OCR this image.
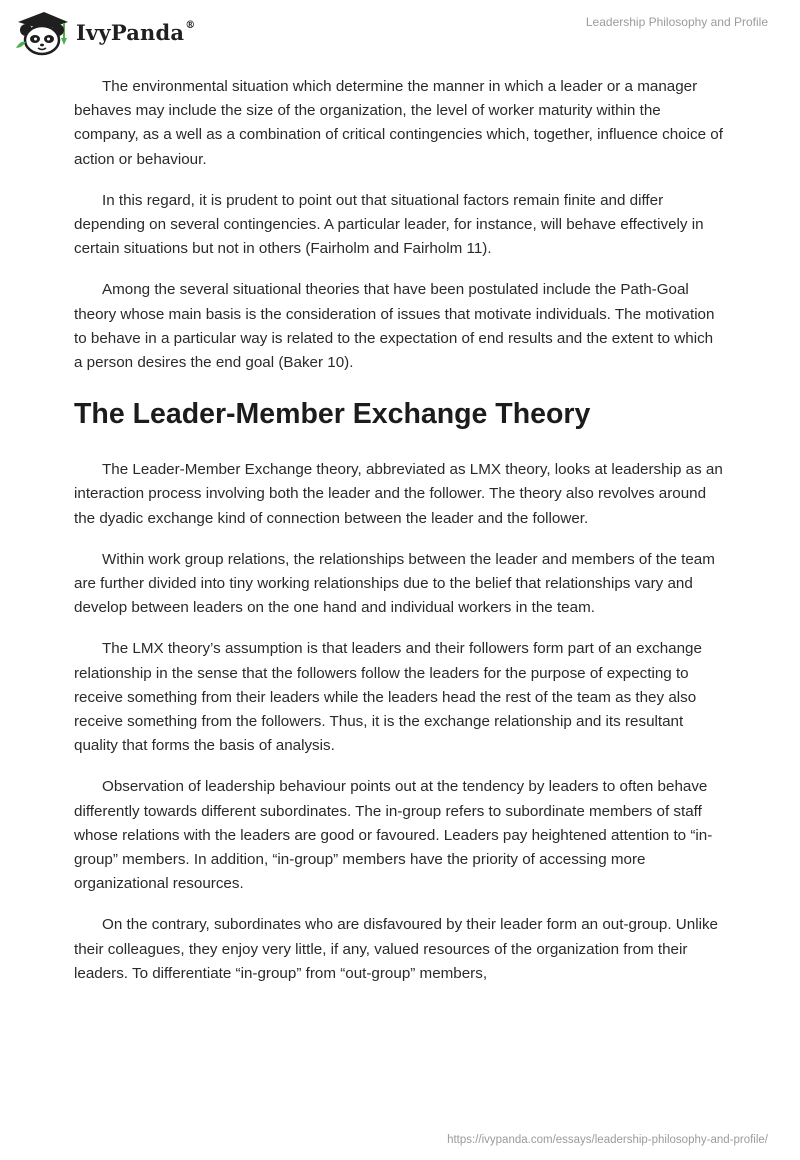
IvyPanda®	Leadership Philosophy and Profile

The environmental situation which determine the manner in which a leader or a manager behaves may include the size of the organization, the level of worker maturity within the company, as a well as a combination of critical contingencies which, together, influence choice of action or behaviour.

In this regard, it is prudent to point out that situational factors remain finite and differ depending on several contingencies. A particular leader, for instance, will behave effectively in certain situations but not in others (Fairholm and Fairholm 11).

Among the several situational theories that have been postulated include the Path-Goal theory whose main basis is the consideration of issues that motivate individuals. The motivation to behave in a particular way is related to the expectation of end results and the extent to which a person desires the end goal (Baker 10).

The Leader-Member Exchange Theory

The Leader-Member Exchange theory, abbreviated as LMX theory, looks at leadership as an interaction process involving both the leader and the follower. The theory also revolves around the dyadic exchange kind of connection between the leader and the follower.

Within work group relations, the relationships between the leader and members of the team are further divided into tiny working relationships due to the belief that relationships vary and develop between leaders on the one hand and individual workers in the team.

The LMX theory’s assumption is that leaders and their followers form part of an exchange relationship in the sense that the followers follow the leaders for the purpose of expecting to receive something from their leaders while the leaders head the rest of the team as they also receive something from the followers. Thus, it is the exchange relationship and its resultant quality that forms the basis of analysis.

Observation of leadership behaviour points out at the tendency by leaders to often behave differently towards different subordinates. The in-group refers to subordinate members of staff whose relations with the leaders are good or favoured. Leaders pay heightened attention to “in-group” members. In addition, “in-group” members have the priority of accessing more organizational resources.

On the contrary, subordinates who are disfavoured by their leader form an out-group. Unlike their colleagues, they enjoy very little, if any, valued resources of the organization from their leaders. To differentiate “in-group” from “out-group” members,

https://ivypanda.com/essays/leadership-philosophy-and-profile/
